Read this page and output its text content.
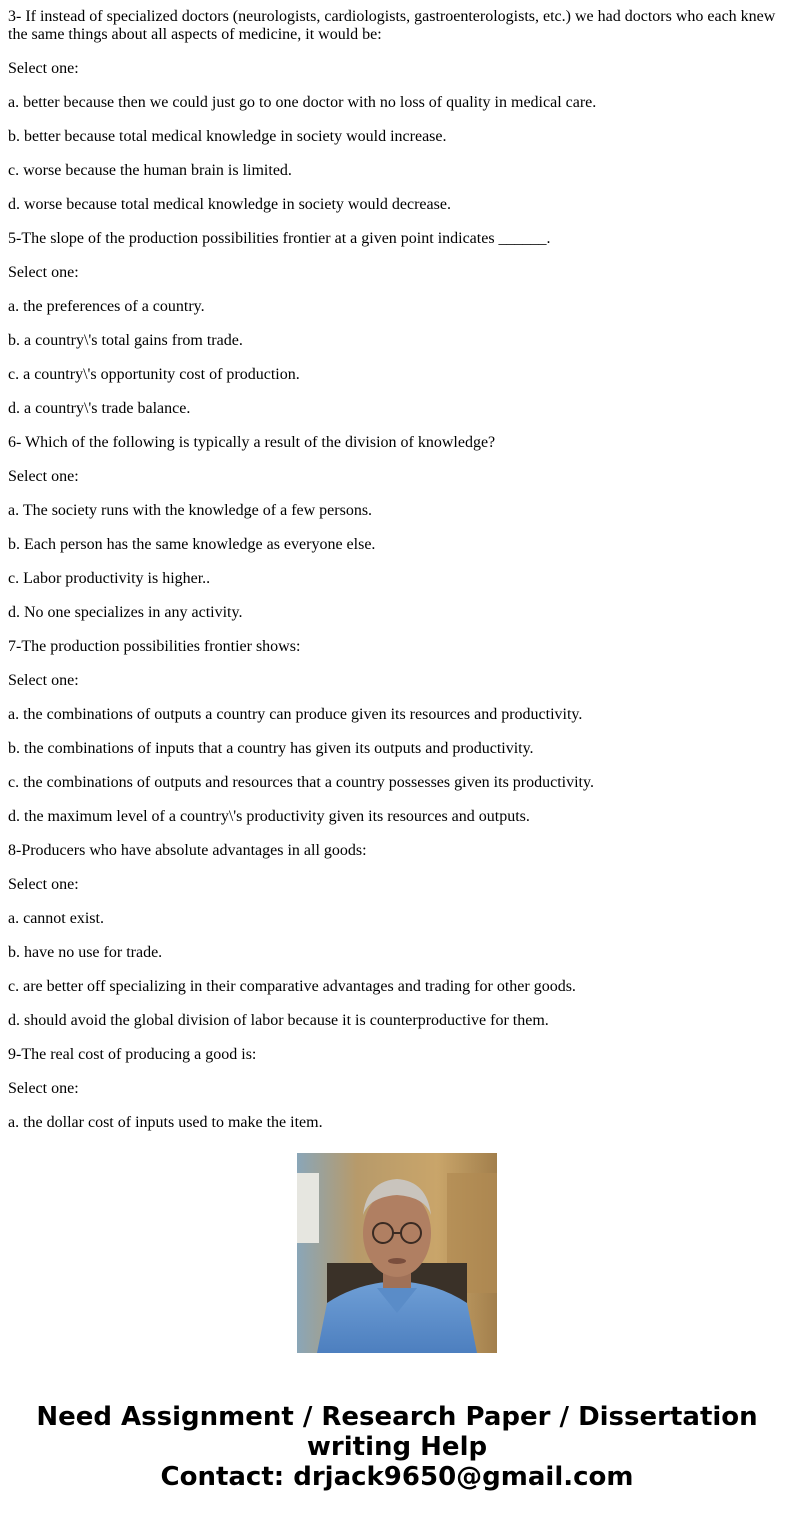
3- If instead of specialized doctors (neurologists, cardiologists, gastroenterologists, etc.) we had doctors who each knew the same things about all aspects of medicine, it would be:

Select one:

a. better because then we could just go to one doctor with no loss of quality in medical care.

b. better because total medical knowledge in society would increase.

c. worse because the human brain is limited.

d. worse because total medical knowledge in society would decrease.

5-The slope of the production possibilities frontier at a given point indicates ______.

Select one:

a. the preferences of a country.

b. a country\'s total gains from trade.

c. a country\'s opportunity cost of production.

d. a country\'s trade balance.

6- Which of the following is typically a result of the division of knowledge?

Select one:

a. The society runs with the knowledge of a few persons.

b. Each person has the same knowledge as everyone else.

c. Labor productivity is higher..

d. No one specializes in any activity.

7-The production possibilities frontier shows:

Select one:

a. the combinations of outputs a country can produce given its resources and productivity.

b. the combinations of inputs that a country has given its outputs and productivity.

c. the combinations of outputs and resources that a country possesses given its productivity.

d. the maximum level of a country\'s productivity given its resources and outputs.

8-Producers who have absolute advantages in all goods:

Select one:

a. cannot exist.

b. have no use for trade.

c. are better off specializing in their comparative advantages and trading for other goods.

d. should avoid the global division of labor because it is counterproductive for them.

9-The real cost of producing a good is:

Select one:

a. the dollar cost of inputs used to make the item.

Need Assignment / Research Paper / Dissertation
writing Help
Contact: drjack9650@gmail.com
